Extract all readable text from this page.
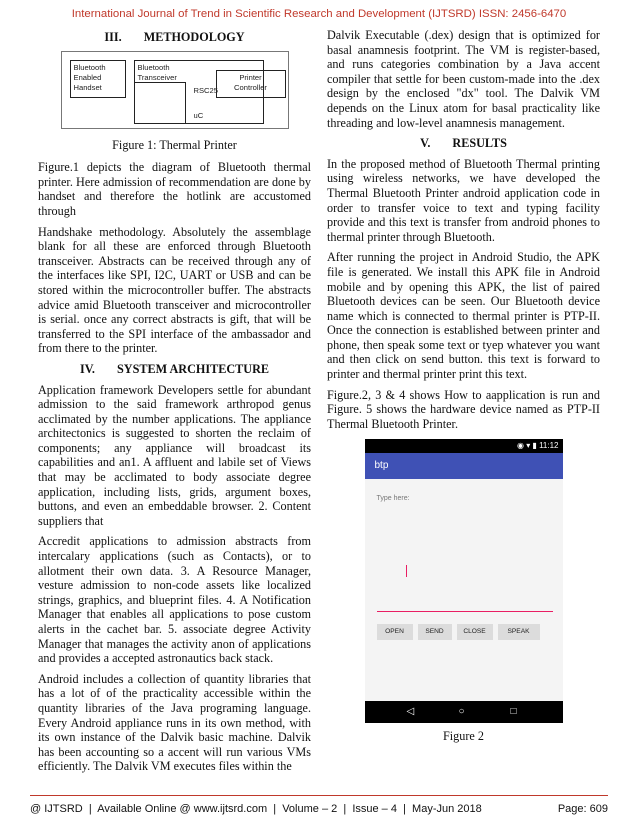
International Journal of Trend in Scientific Research and Development (IJTSRD) ISSN: 2456-6470
III. METHODOLOGY
Bluetooth
Enabled
Handset
Bluetooth
Transceiver
RSC25
uC
Printer
Controller
Figure 1: Thermal Printer

Figure.1 depicts the diagram of Bluetooth thermal printer. Here admission of recommendation are done by handset and therefore the hotlink are accustomed through

Handshake methodology. Absolutely the assemblage blank for all these are enforced through Bluetooth transceiver. Abstracts can be received through any of the interfaces like SPI, I2C, UART or USB and can be stored within the microcontroller buffer. The abstracts advice amid Bluetooth transceiver and microcontroller is serial. once any correct abstracts is gift, that will be transferred to the SPI interface of the ambassador and from there to the printer.

IV. SYSTEM ARCHITECTURE

Application framework Developers settle for abundant admission to the said framework arthropod genus acclimated by the number applications. The appliance architectonics is suggested to shorten the reclaim of components; any appliance will broadcast its capabilities and an1. A affluent and labile set of Views that may be acclimated to body associate degree application, including lists, grids, argument boxes, buttons, and even an embeddable browser. 2. Content suppliers that

Accredit applications to admission abstracts from intercalary applications (such as Contacts), or to allotment their own data. 3. A Resource Manager, vesture admission to non-code assets like localized strings, graphics, and blueprint files. 4. A Notification Manager that enables all applications to pose custom alerts in the cachet bar. 5. associate degree Activity Manager that manages the activity anon of applications and provides a accepted astronautics back stack.

Android includes a collection of quantity libraries that has a lot of of the practicality accessible within the quantity libraries of the Java programing language. Every Android appliance runs in its own method, with its own instance of the Dalvik basic machine. Dalvik has been accounting so a accent will run various VMs efficiently. The Dalvik VM executes files within the

Dalvik Executable (.dex) design that is optimized for basal anamnesis footprint. The VM is register-based, and runs categories combination by a Java accent compiler that settle for been custom-made into the .dex design by the enclosed "dx" tool. The Dalvik VM depends on the Linux atom for basal practicality like threading and low-level anamnesis management.

V. RESULTS

In the proposed method of Bluetooth Thermal printing using wireless networks, we have developed the Thermal Bluetooth Printer android application code in order to transfer voice to text and typing facility provide and this text is transfer from android phones to thermal printer through Bluetooth.

After running the project in Android Studio, the APK file is generated. We install this APK file in Android mobile and by opening this APK, the list of paired Bluetooth devices can be seen. Our Bluetooth device name which is connected to thermal printer is PTP-II. Once the connection is established between printer and phone, then speak some text or tyep whatever you want and then click on send button. this text is forward to printer and thermal printer print this text.

Figure.2, 3 & 4 shows How to aapplication is run and Figure. 5 shows the hardware device named as PTP-II Thermal Bluetooth Printer.

◉ ▾ ▮ 11:12
btp
Type here:
OPEN	SEND	CLOSE	SPEAK
◁	○	□
Figure 2

@ IJTSRD  |  Available Online @ www.ijtsrd.com  |  Volume – 2  |  Issue – 4  |  May-Jun 2018

	Page: 609
